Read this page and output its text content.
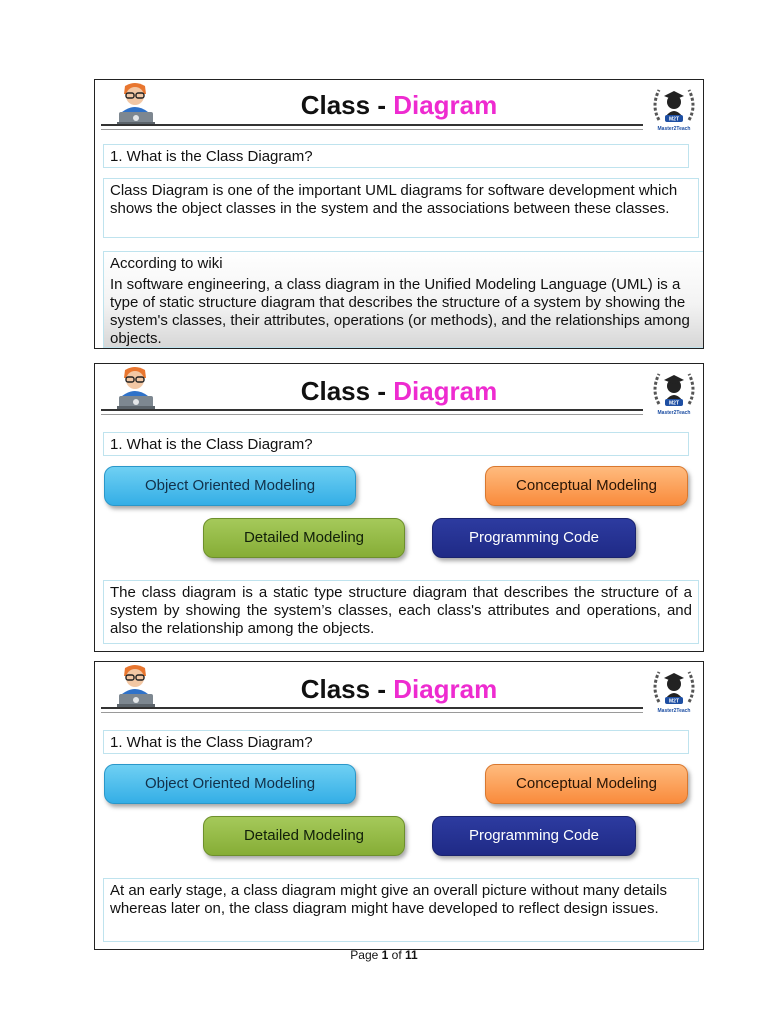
Class - Diagram	M2T
Master2Teach
1. What is the Class Diagram?
Class Diagram is one of the important UML diagrams for software development which shows the object classes in the system and the associations between these classes.
According to wiki
In software engineering, a class diagram in the Unified Modeling Language (UML) is a type of static structure diagram that describes the structure of a system by showing the system's classes, their attributes, operations (or methods), and the relationships among objects.
Class - Diagram	M2T
Master2Teach
1. What is the Class Diagram?
Object Oriented Modeling	Conceptual Modeling
Detailed Modeling	Programming Code
The class diagram is a static type structure diagram that describes the structure of a system by showing the system’s classes, each class's attributes and operations, and also the relationship among the objects.
Class - Diagram	M2T
Master2Teach
1. What is the Class Diagram?
Object Oriented Modeling	Conceptual Modeling
Detailed Modeling	Programming Code
At an early stage, a class diagram might give an overall picture without many details whereas later on, the class diagram might have developed to reflect design issues.
Page 1 of 11
